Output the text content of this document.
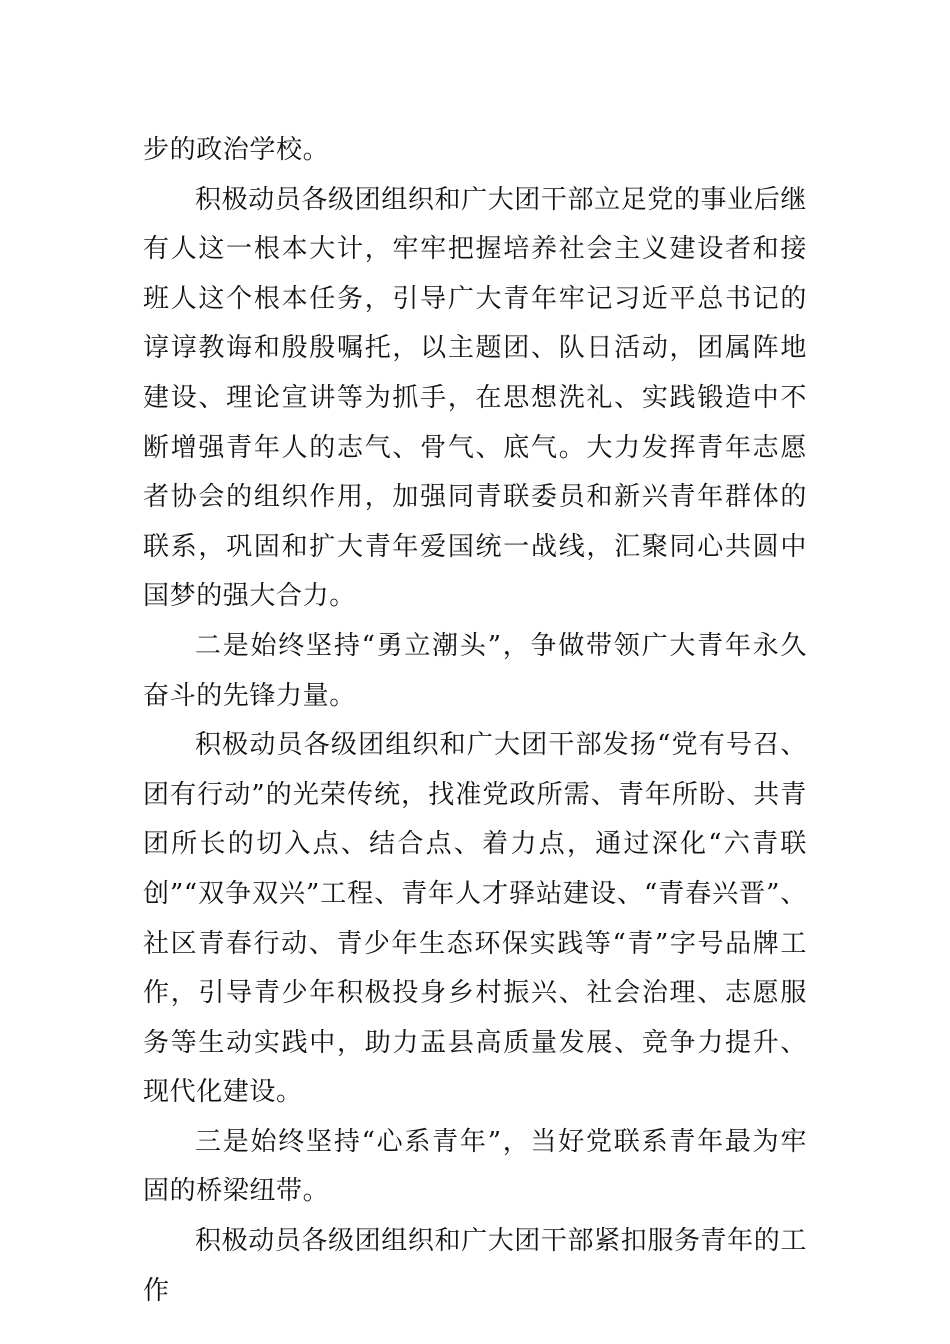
步的政治学校。

积极动员各级团组织和广大团干部立足党的事业后继有人这一根本大计，牢牢把握培养社会主义建设者和接班人这个根本任务，引导广大青年牢记习近平总书记的谆谆教诲和殷殷嘱托，以主题团、队日活动，团属阵地建设、理论宣讲等为抓手，在思想洗礼、实践锻造中不断增强青年人的志气、骨气、底气。大力发挥青年志愿者协会的组织作用，加强同青联委员和新兴青年群体的联系，巩固和扩大青年爱国统一战线，汇聚同心共圆中国梦的强大合力。

二是始终坚持“勇立潮头”，争做带领广大青年永久奋斗的先锋力量。

积极动员各级团组织和广大团干部发扬“党有号召、团有行动”的光荣传统，找准党政所需、青年所盼、共青团所长的切入点、结合点、着力点，通过深化“六青联创”“双争双兴”工程、青年人才驿站建设、“青春兴晋”、社区青春行动、青少年生态环保实践等“青”字号品牌工作，引导青少年积极投身乡村振兴、社会治理、志愿服务等生动实践中，助力盂县高质量发展、竞争力提升、现代化建设。

三是始终坚持“心系青年”，当好党联系青年最为牢固的桥梁纽带。

积极动员各级团组织和广大团干部紧扣服务青年的工作
